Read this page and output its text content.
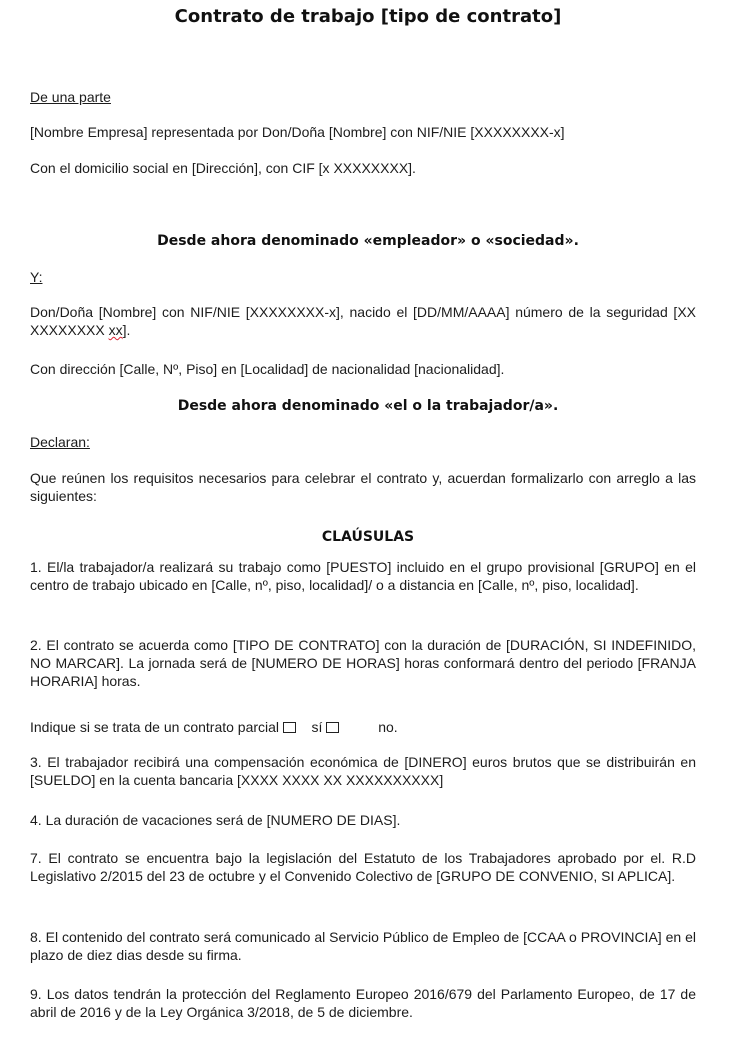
Contrato de trabajo [tipo de contrato]

De una parte

[Nombre Empresa] representada por Don/Doña [Nombre] con NIF/NIE [XXXXXXXX-x]

Con el domicilio social en [Dirección], con CIF [x XXXXXXXX].

Desde ahora denominado «empleador» o «sociedad».

Y:

Don/Doña [Nombre] con NIF/NIE [XXXXXXXX-x], nacido el [DD/MM/AAAA] número de la seguridad [XX XXXXXXXX xx].

Con dirección [Calle, Nº, Piso] en [Localidad] de nacionalidad [nacionalidad].

Desde ahora denominado «el o la trabajador/a».

Declaran:

Que reúnen los requisitos necesarios para celebrar el contrato y, acuerdan formalizarlo con arreglo a las siguientes:

CLAÚSULAS

1. El/la trabajador/a realizará su trabajo como [PUESTO] incluido en el grupo provisional [GRUPO] en el centro de trabajo ubicado en [Calle, nº, piso, localidad]/ o a distancia en [Calle, nº, piso, localidad].

2. El contrato se acuerda como [TIPO DE CONTRATO] con la duración de [DURACIÓN, SI INDEFINIDO, NO MARCAR]. La jornada será de [NUMERO DE HORAS] horas conformará dentro del periodo [FRANJA HORARIA] horas.

Indique si se trata de un contrato parcial sí	no.

3. El trabajador recibirá una compensación económica de [DINERO] euros brutos que se distribuirán en [SUELDO] en la cuenta bancaria [XXXX XXXX XX XXXXXXXXXX]

4. La duración de vacaciones será de [NUMERO DE DIAS].

7. El contrato se encuentra bajo la legislación del Estatuto de los Trabajadores aprobado por el. R.D Legislativo 2/2015 del 23 de octubre y el Convenido Colectivo de [GRUPO DE CONVENIO, SI APLICA].

8. El contenido del contrato será comunicado al Servicio Público de Empleo de [CCAA o PROVINCIA] en el plazo de diez dias desde su firma.

9. Los datos tendrán la protección del Reglamento Europeo 2016/679 del Parlamento Europeo, de 17 de abril de 2016 y de la Ley Orgánica 3/2018, de 5 de diciembre.
